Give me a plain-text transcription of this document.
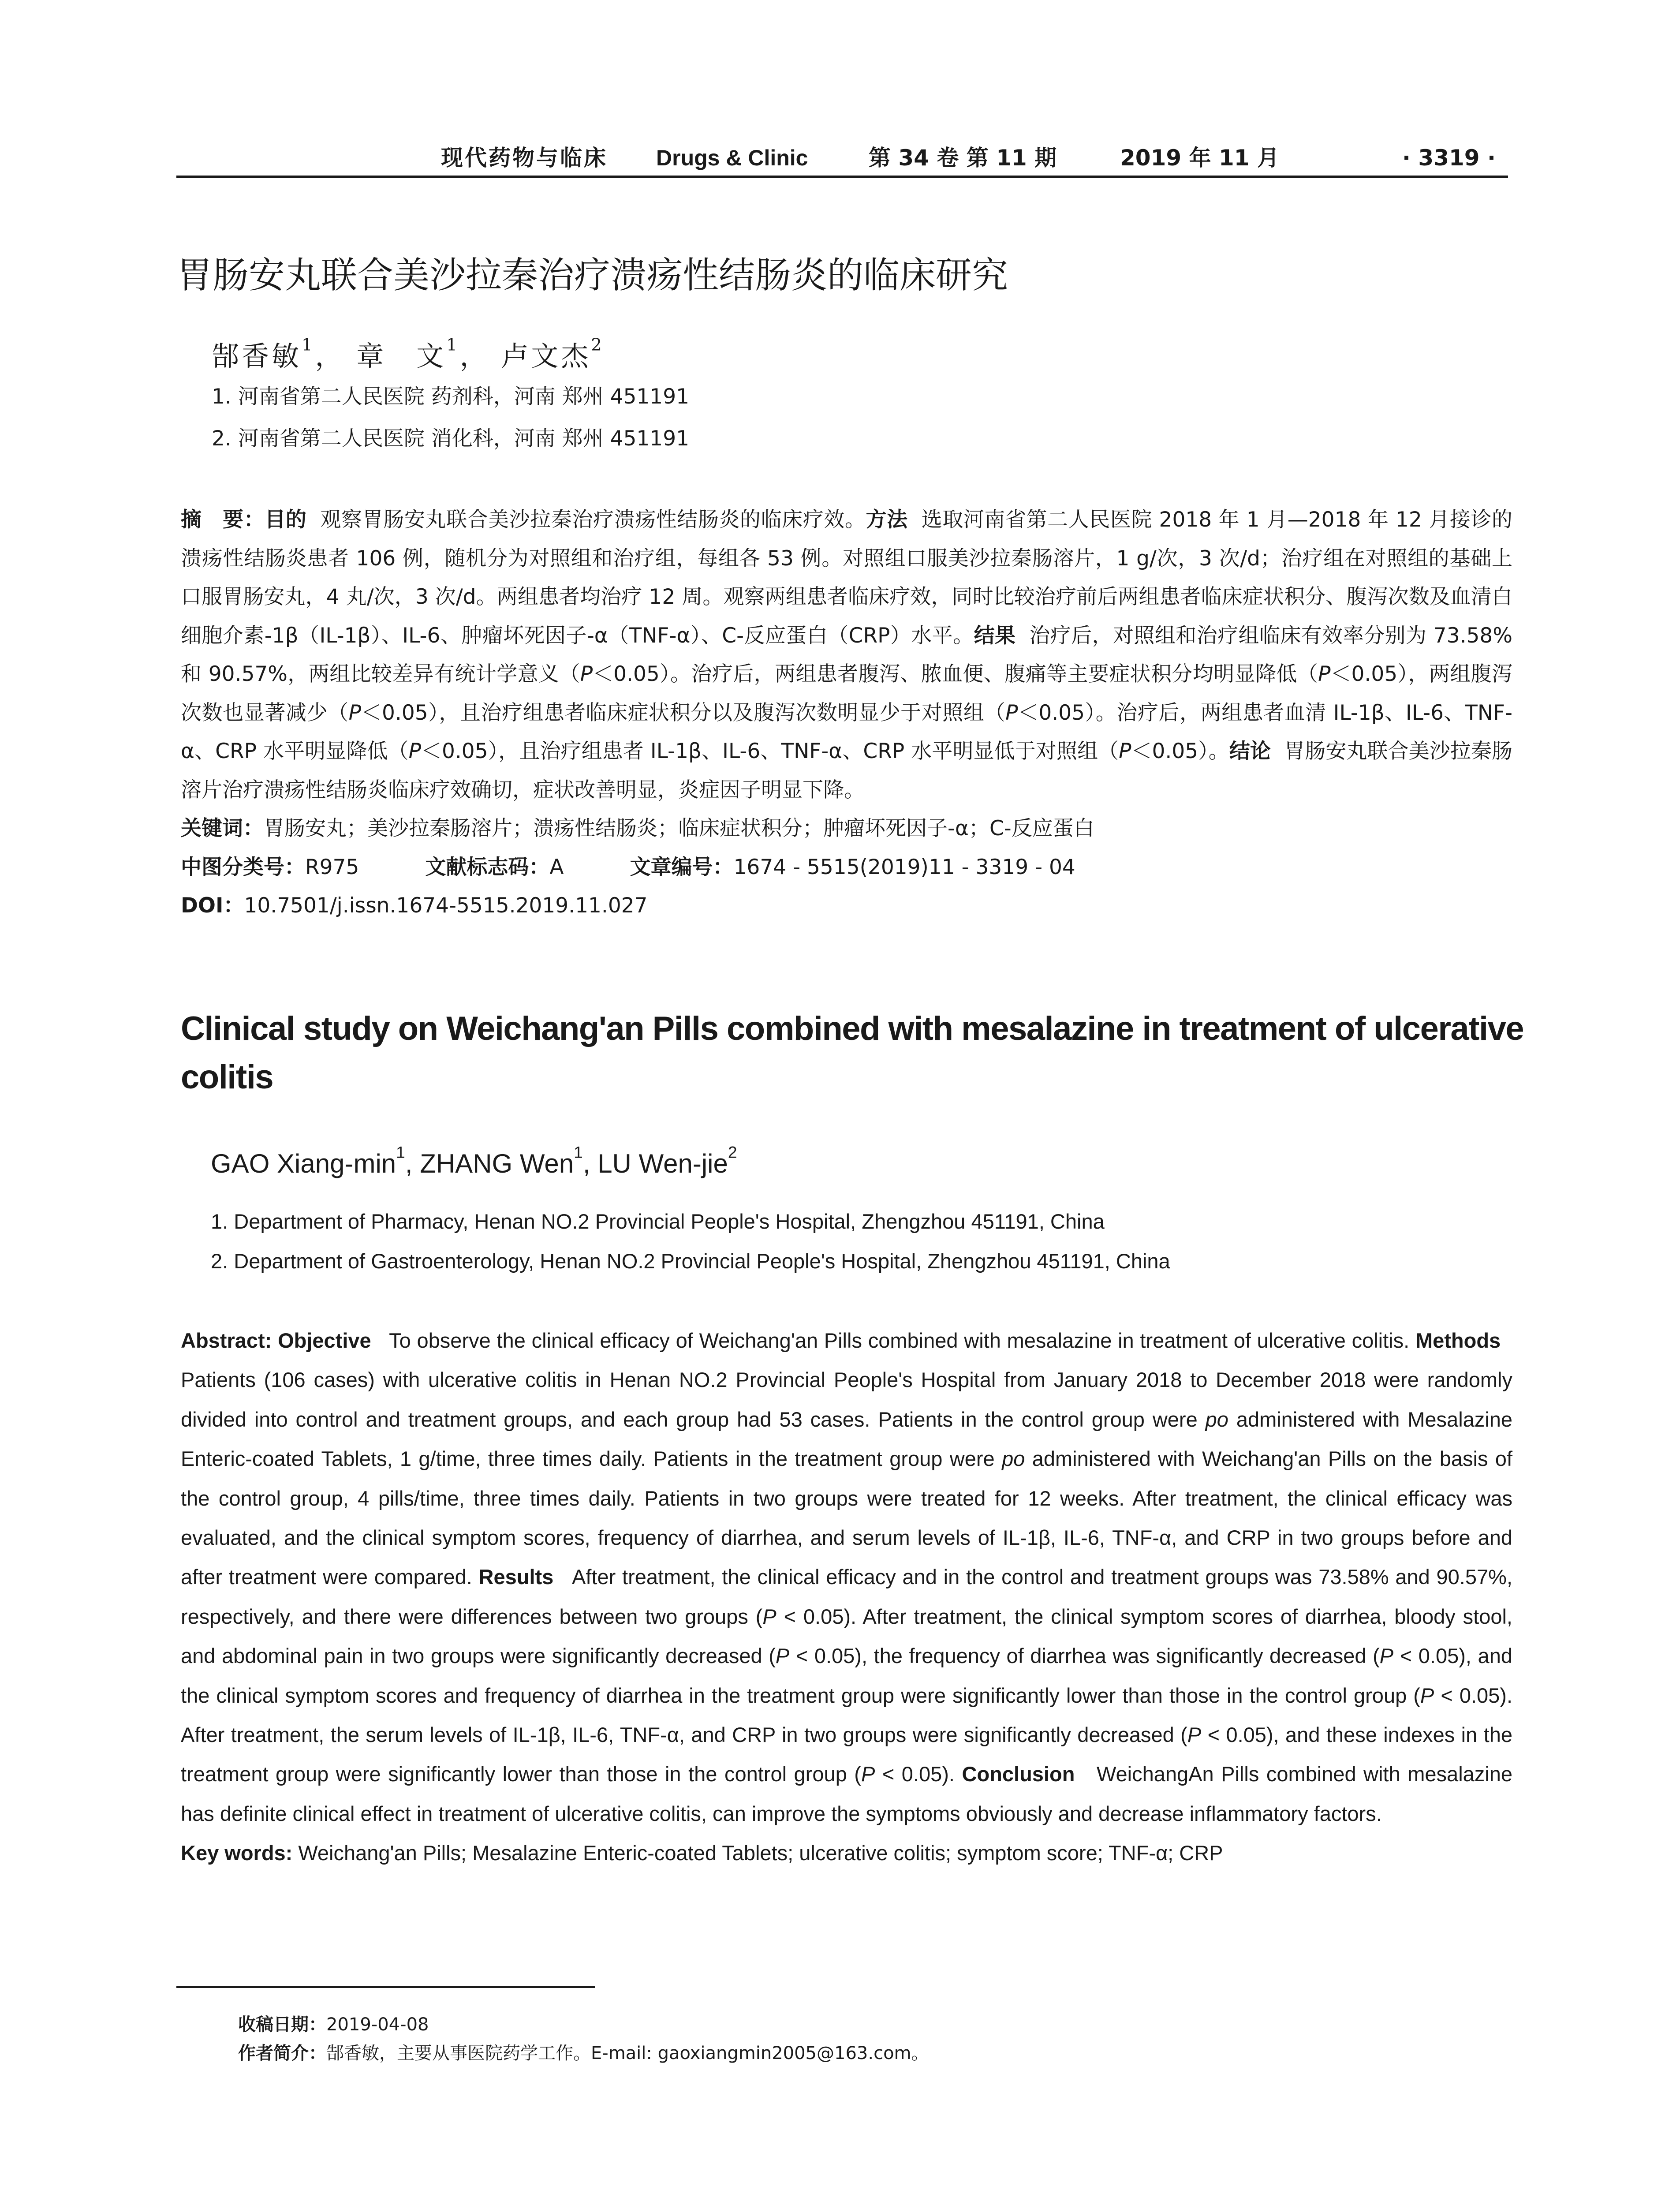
现代药物与临床 Drugs & Clinic	第 34 卷 第 11 期	2019 年 11 月	· 3319 ·
胃肠安丸联合美沙拉秦治疗溃疡性结肠炎的临床研究
郜香敏$^1$， 章　文$^1$， 卢文杰$^2$
1. 河南省第二人民医院 药剂科，河南 郑州 451191
2. 河南省第二人民医院 消化科，河南 郑州 451191

摘　要：目的 观察胃肠安丸联合美沙拉秦治疗溃疡性结肠炎的临床疗效。方法 选取河南省第二人民医院 2018 年 1 月—2018 年 12 月接诊的溃疡性结肠炎患者 106 例，随机分为对照组和治疗组，每组各 53 例。对照组口服美沙拉秦肠溶片，1 g/次，3 次/d；治疗组在对照组的基础上口服胃肠安丸，4 丸/次，3 次/d。两组患者均治疗 12 周。观察两组患者临床疗效，同时比较治疗前后两组患者临床症状积分、腹泻次数及血清白细胞介素-1β（IL-1β）、IL-6、肿瘤坏死因子-α（TNF-α）、C-反应蛋白（CRP）水平。结果 治疗后，对照组和治疗组临床有效率分别为 73.58%和 90.57%，两组比较差异有统计学意义（P＜0.05）。治疗后，两组患者腹泻、脓血便、腹痛等主要症状积分均明显降低（P＜0.05），两组腹泻次数也显著减少（P＜0.05），且治疗组患者临床症状积分以及腹泻次数明显少于对照组（P＜0.05）。治疗后，两组患者血清 IL-1β、IL-6、TNF-α、CRP 水平明显降低（P＜0.05），且治疗组患者 IL-1β、IL-6、TNF-α、CRP 水平明显低于对照组（P＜0.05）。结论 胃肠安丸联合美沙拉秦肠溶片治疗溃疡性结肠炎临床疗效确切，症状改善明显，炎症因子明显下降。

关键词：胃肠安丸；美沙拉秦肠溶片；溃疡性结肠炎；临床症状积分；肿瘤坏死因子-α；C-反应蛋白

中图分类号：R975	文献标志码：A	文章编号：1674 - 5515(2019)11 - 3319 - 04

DOI：10.7501/j.issn.1674-5515.2019.11.027

Clinical study on Weichang'an Pills combined with mesalazine in treatment of ulcerative colitis
GAO Xiang-$\min^1$, ZHANG Wen$^1$, LU Wen-jie$^2$
1. Department of Pharmacy, Henan NO.2 Provincial People's Hospital, Zhengzhou 451191, China
2. Department of Gastroenterology, Henan NO.2 Provincial People's Hospital, Zhengzhou 451191, China

Abstract: Objective To observe the clinical efficacy of Weichang'an Pills combined with mesalazine in treatment of ulcerative colitis. Methods   Patients (106 cases) with ulcerative colitis in Henan NO.2 Provincial People's Hospital from January 2018 to December 2018 were randomly divided into control and treatment groups, and each group had 53 cases. Patients in the control group were po administered with Mesalazine Enteric-coated Tablets, 1 g/time, three times daily. Patients in the treatment group were po administered with Weichang'an Pills on the basis of the control group, 4 pills/time, three times daily. Patients in two groups were treated for 12 weeks. After treatment, the clinical efficacy was evaluated, and the clinical symptom scores, frequency of diarrhea, and serum levels of IL-1β, IL-6, TNF-α, and CRP in two groups before and after treatment were compared. Results After treatment, the clinical efficacy and in the control and treatment groups was 73.58% and 90.57%, respectively, and there were differences between two groups (P < 0.05). After treatment, the clinical symptom scores of diarrhea, bloody stool, and abdominal pain in two groups were significantly decreased (P < 0.05), the frequency of diarrhea was significantly decreased (P < 0.05), and the clinical symptom scores and frequency of diarrhea in the treatment group were significantly lower than those in the control group (P < 0.05). After treatment, the serum levels of IL-1β, IL-6, TNF-α, and CRP in two groups were significantly decreased (P < 0.05), and these indexes in the treatment group were significantly lower than those in the control group (P < 0.05). Conclusion WeichangAn Pills combined with mesalazine has definite clinical effect in treatment of ulcerative colitis, can improve the symptoms obviously and decrease inflammatory factors.

Key words: Weichang'an Pills; Mesalazine Enteric-coated Tablets; ulcerative colitis; symptom score; TNF-α; CRP

收稿日期：2019-04-08
作者简介：郜香敏，主要从事医院药学工作。E-mail: gaoxiangmin2005@163.com。
